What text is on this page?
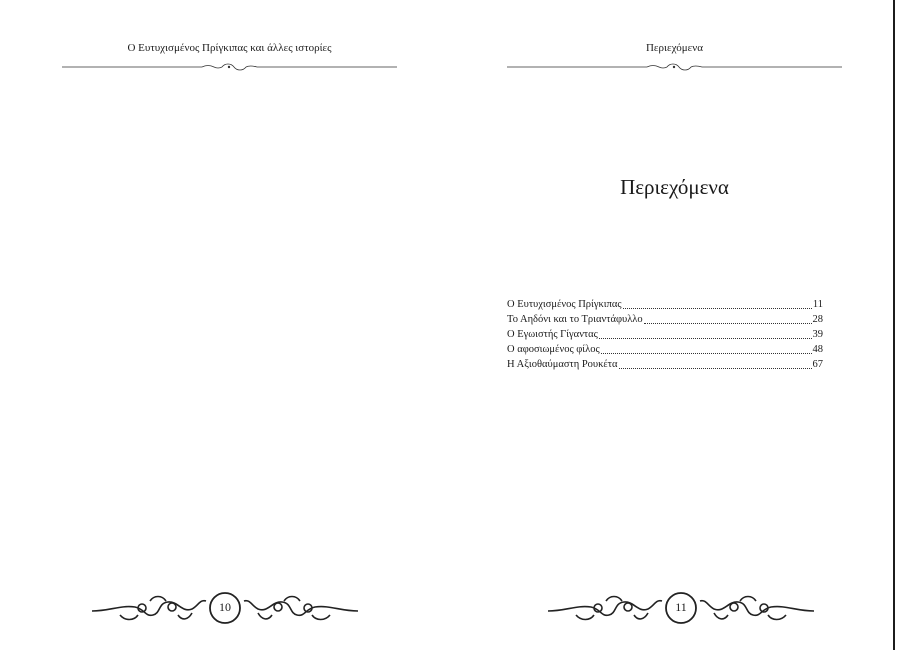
Ο Ευτυχισμένος Πρίγκιπας και άλλες ιστορίες
10
Περιεχόμενα
Περιεχόμενα
Ο Ευτυχισμένος Πρίγκιπας	11
Το Αηδόνι και το Τριαντάφυλλο	28
Ο Εγωιστής Γίγαντας	39
Ο αφοσιωμένος φίλος	48
Η Αξιοθαύμαστη Ρουκέτα	67
11
